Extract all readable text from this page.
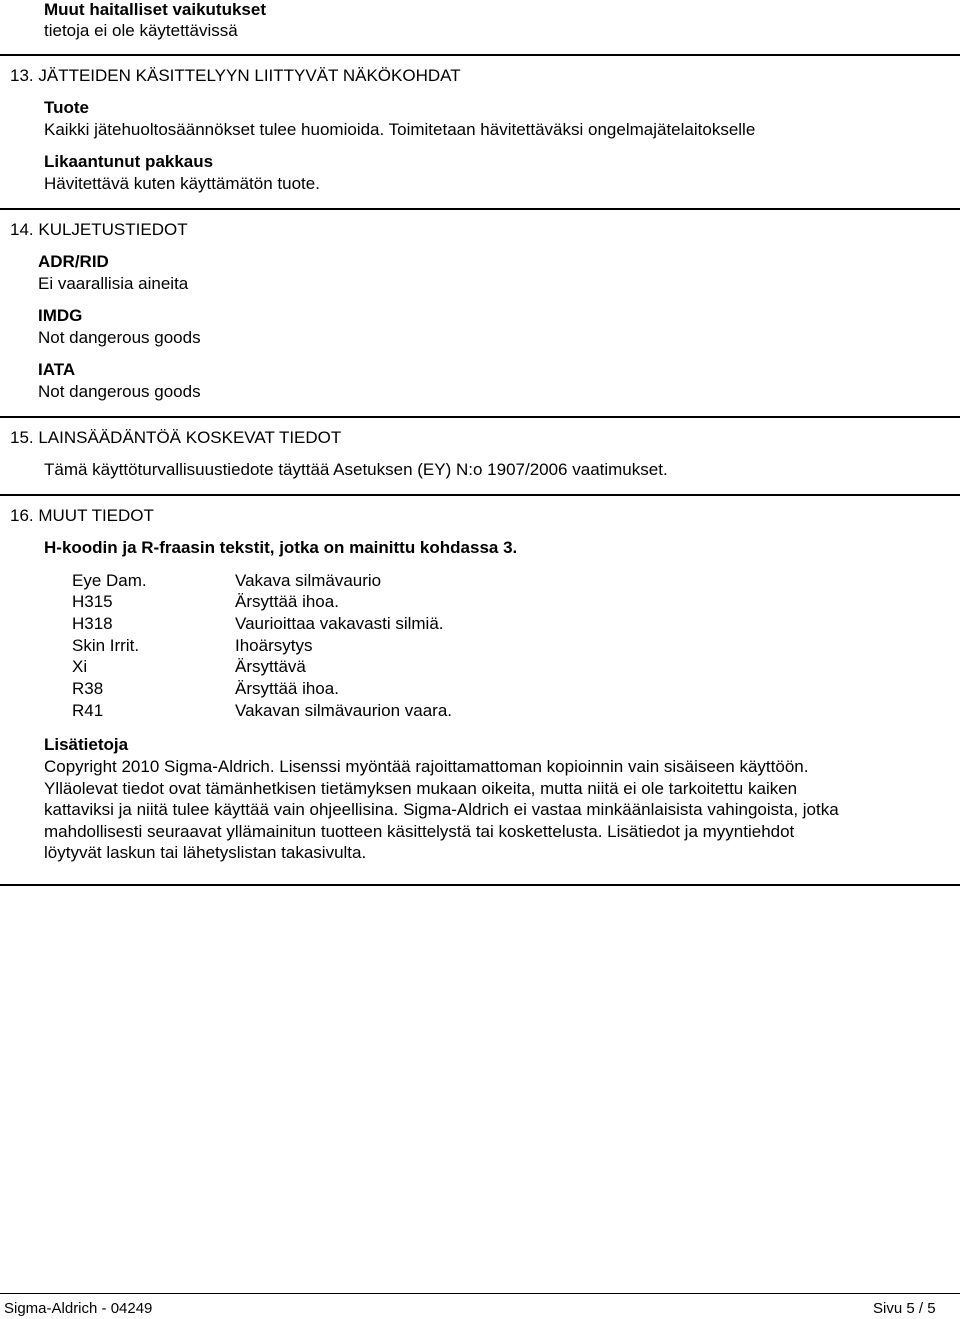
Muut haitalliset vaikutukset
tietoja ei ole käytettävissä
13. JÄTTEIDEN KÄSITTELYYN LIITTYVÄT NÄKÖKOHDAT
Tuote
Kaikki jätehuoltosäännökset tulee huomioida. Toimitetaan hävitettäväksi ongelmajätelaitokselle
Likaantunut pakkaus
Hävitettävä kuten käyttämätön tuote.
14. KULJETUSTIEDOT
ADR/RID
Ei vaarallisia aineita
IMDG
Not dangerous goods
IATA
Not dangerous goods
15. LAINSÄÄDÄNTÖÄ KOSKEVAT TIEDOT
Tämä käyttöturvallisuustiedote täyttää Asetuksen (EY) N:o 1907/2006 vaatimukset.
16. MUUT TIEDOT
H-koodin ja R-fraasin tekstit, jotka on mainittu kohdassa 3.
Eye Dam.	Vakava silmävaurio
H315	Ärsyttää ihoa.
H318	Vaurioittaa vakavasti silmiä.
Skin Irrit.	Ihoärsytys
Xi	Ärsyttävä
R38	Ärsyttää ihoa.
R41	Vakavan silmävaurion vaara.
Lisätietoja
Copyright 2010 Sigma-Aldrich. Lisenssi myöntää rajoittamattoman kopioinnin vain sisäiseen käyttöön.
Ylläolevat tiedot ovat tämänhetkisen tietämyksen mukaan oikeita, mutta niitä ei ole tarkoitettu kaiken
kattaviksi ja niitä tulee käyttää vain ohjeellisina. Sigma-Aldrich ei vastaa minkäänlaisista vahingoista, jotka
mahdollisesti seuraavat yllämainitun tuotteen käsittelystä tai koskettelusta. Lisätiedot ja myyntiehdot
löytyvät laskun tai lähetyslistan takasivulta.
Sigma-Aldrich - 04249	Sivu 5 / 5
